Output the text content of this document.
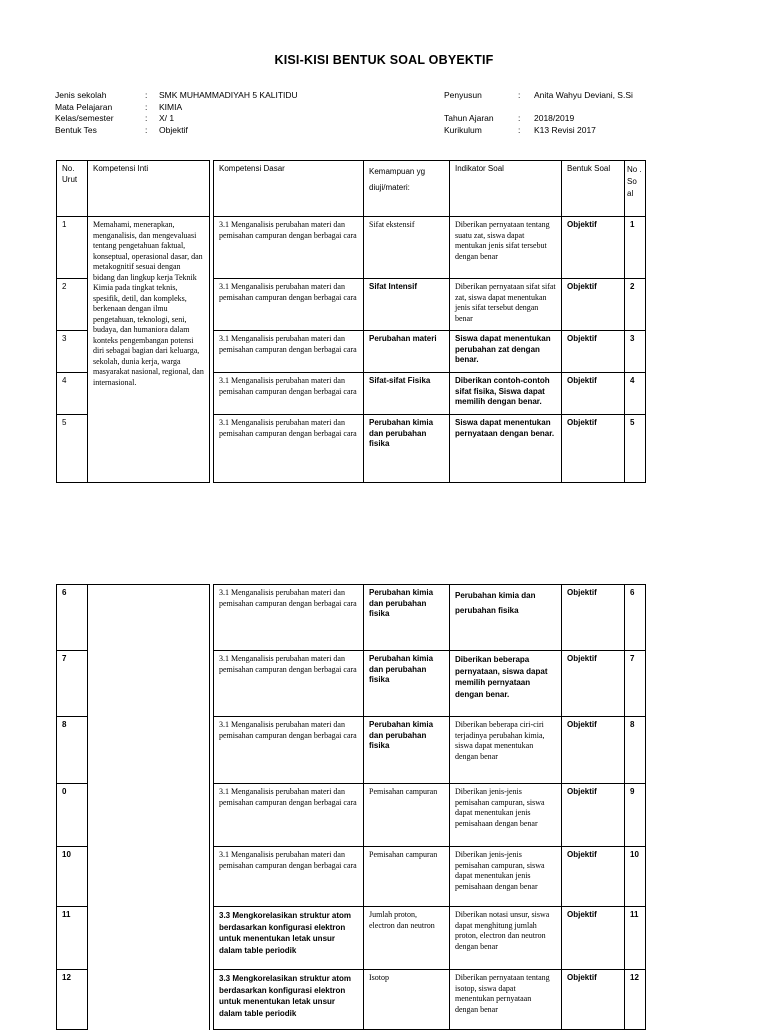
KISI-KISI BENTUK SOAL OBYEKTIF
Jenis sekolah	:	SMK MUHAMMADIYAH 5 KALITIDU
Mata Pelajaran	:	KIMIA
Kelas/semester	:	X/ 1
Bentuk Tes	:	Objektif
Penyusun	:	Anita Wahyu Deviani, S.Si
Tahun Ajaran	:	2018/2019
Kurikulum	:	K13 Revisi 2017
No. Urut	Kompetensi Inti		Kompetensi Dasar	Kemampuan yg diuji/materi:	Indikator Soal	Bentuk Soal	No . So al
1	Memahami, menerapkan, menganalisis, dan mengevaluasi tentang pengetahuan faktual, konseptual, operasional dasar, dan metakognitif sesuai dengan bidang dan lingkup kerja Teknik Kimia pada tingkat teknis, spesifik, detil, dan kompleks, berkenaan dengan ilmu pengetahuan, teknologi, seni, budaya, dan humaniora dalam konteks pengembangan potensi diri sebagai bagian dari keluarga, sekolah, dunia kerja, warga masyarakat nasional, regional, dan internasional.		3.1 Menganalisis perubahan materi dan pemisahan campuran dengan berbagai cara	Sifat ekstensif	Diberikan pernyataan tentang suatu zat, siswa dapat mentukan jenis sifat tersebut dengan benar	Objektif	1
2			3.1 Menganalisis perubahan materi dan pemisahan campuran dengan berbagai cara	Sifat Intensif	Diberikan pernyataan sifat sifat zat, siswa dapat menentukan jenis sifat tersebut dengan benar	Objektif	2
3			3.1 Menganalisis perubahan materi dan pemisahan campuran dengan berbagai cara	Perubahan materi	Siswa dapat menentukan perubahan zat dengan benar.	Objektif	3
4			3.1 Menganalisis perubahan materi dan pemisahan campuran dengan berbagai cara	Sifat-sifat Fisika	Diberikan contoh-contoh sifat fisika, Siswa dapat memilih dengan benar.	Objektif	4
5			3.1 Menganalisis perubahan materi dan pemisahan campuran dengan berbagai cara	Perubahan kimia dan perubahan fisika	Siswa dapat menentukan pernyataan dengan benar.	Objektif	5
6			3.1 Menganalisis perubahan materi dan pemisahan campuran dengan berbagai cara	Perubahan kimia dan perubahan fisika	Perubahan kimia dan perubahan fisika	Objektif	6
7			3.1 Menganalisis perubahan materi dan pemisahan campuran dengan berbagai cara	Perubahan kimia dan perubahan fisika	Diberikan beberapa pernyataan, siswa dapat memilih pernyataan dengan benar.	Objektif	7
8			3.1 Menganalisis perubahan materi dan pemisahan campuran dengan berbagai cara	Perubahan kimia dan perubahan fisika	Diberikan beberapa ciri-ciri terjadinya perubahan kimia, siswa dapat menentukan dengan benar	Objektif	8
0			3.1 Menganalisis perubahan materi dan pemisahan campuran dengan berbagai cara	Pemisahan campuran	Diberikan jenis-jenis pemisahan campuran, siswa dapat menentukan jenis pemisahaan dengan benar	Objektif	9
10			3.1 Menganalisis perubahan materi dan pemisahan campuran dengan berbagai cara	Pemisahan campuran	Diberikan jenis-jenis pemisahan campuran, siswa dapat menentukan jenis pemisahaan dengan benar	Objektif	10
11			3.3 Mengkorelasikan struktur atom berdasarkan konfigurasi elektron untuk menentukan letak unsur dalam table periodik	Jumlah proton, electron dan neutron	Diberikan notasi unsur, siswa dapat menghitung jumlah proton, electron dan neutron dengan benar	Objektif	11
12			3.3 Mengkorelasikan struktur atom berdasarkan konfigurasi elektron untuk menentukan letak unsur dalam table periodik	Isotop	Diberikan pernyataan tentang isotop, siswa dapat menentukan pernyataan dengan benar	Objektif	12
